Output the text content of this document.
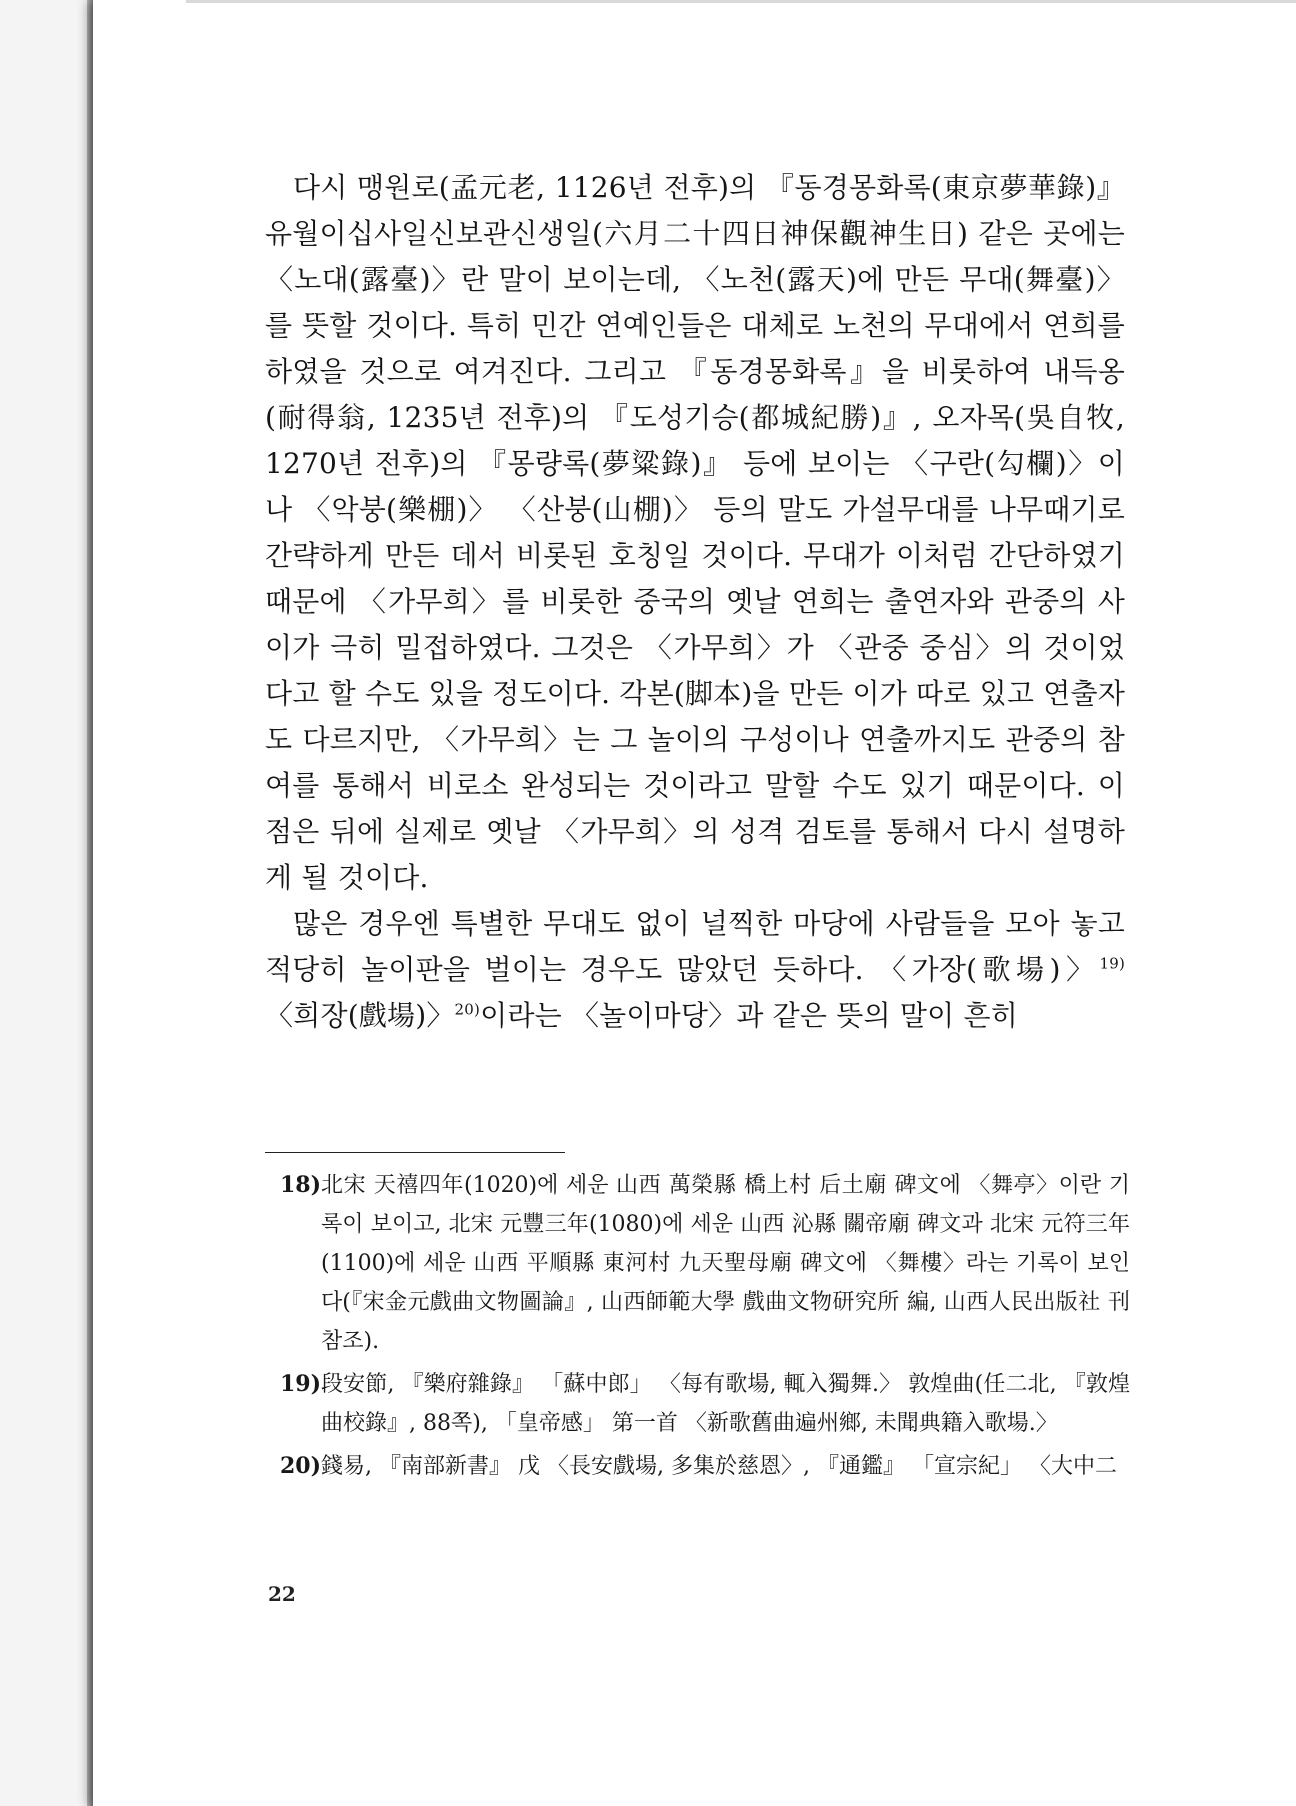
다시 맹원로(孟元老, 1126년 전후)의 『동경몽화록(東京夢華錄)』 유월이십사일신보관신생일(六月二十四日神保觀神生日) 같은 곳에는 〈노대(露臺)〉란 말이 보이는데, 〈노천(露天)에 만든 무대(舞臺)〉를 뜻할 것이다. 특히 민간 연예인들은 대체로 노천의 무대에서 연희를 하였을 것으로 여겨진다. 그리고 『동경몽화록』을 비롯하여 내득옹(耐得翁, 1235년 전후)의 『도성기승(都城紀勝)』, 오자목(吳自牧, 1270년 전후)의 『몽량록(夢粱錄)』 등에 보이는 〈구란(勾欄)〉이나 〈악붕(樂棚)〉 〈산붕(山棚)〉 등의 말도 가설무대를 나무때기로 간략하게 만든 데서 비롯된 호칭일 것이다. 무대가 이처럼 간단하였기 때문에 〈가무희〉를 비롯한 중국의 옛날 연희는 출연자와 관중의 사이가 극히 밀접하였다. 그것은 〈가무희〉가 〈관중 중심〉의 것이었다고 할 수도 있을 정도이다. 각본(脚本)을 만든 이가 따로 있고 연출자도 다르지만, 〈가무희〉는 그 놀이의 구성이나 연출까지도 관중의 참여를 통해서 비로소 완성되는 것이라고 말할 수도 있기 때문이다. 이 점은 뒤에 실제로 옛날 〈가무희〉의 성격 검토를 통해서 다시 설명하게 될 것이다.

많은 경우엔 특별한 무대도 없이 널찍한 마당에 사람들을 모아 놓고 적당히 놀이판을 벌이는 경우도 많았던 듯하다. 〈가장(歌場)〉$^{19)}$ 〈희장(戲場)〉$^{20)}$이라는 〈놀이마당〉과 같은 뜻의 말이 흔히

18) 北宋 天禧四年(1020)에 세운 山西 萬榮縣 橋上村 后土廟 碑文에 〈舞亭〉이란 기록이 보이고, 北宋 元豐三年(1080)에 세운 山西 沁縣 關帝廟 碑文과 北宋 元符三年(1100)에 세운 山西 平順縣 東河村 九天聖母廟 碑文에 〈舞樓〉라는 기록이 보인다(『宋金元戲曲文物圖論』, 山西師範大學 戲曲文物研究所 編, 山西人民出版社 刊 참조).
19) 段安節, 『樂府雜錄』 「蘇中郎」 〈每有歌場, 輒入獨舞.〉 敦煌曲(任二北, 『敦煌曲校錄』, 88쪽), 「皇帝感」 第一首 〈新歌舊曲遍州鄉, 未聞典籍入歌場.〉
20) 錢易, 『南部新書』 戊 〈長安戲場, 多集於慈恩〉, 『通鑑』 「宣宗紀」 〈大中二
22
